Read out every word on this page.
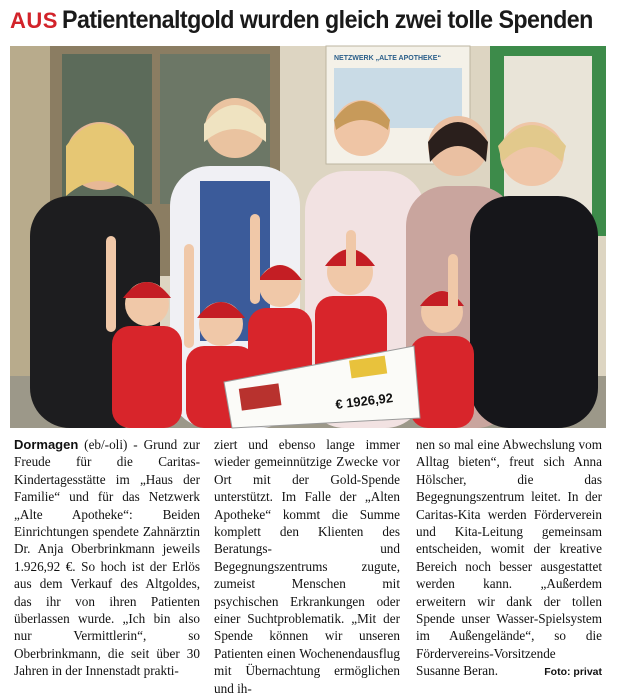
AUS Patientenaltgold wurden gleich zwei tolle Spenden
NETZWERK „ALTE APOTHEKE“
€ 1926,92

Dormagen (eb/-oli) - Grund zur Freude für die Caritas-Kindertagesstätte im „Haus der Familie“ und für das Netzwerk „Alte Apotheke“: Beiden Einrichtungen spendete Zahnärztin Dr. Anja Oberbrinkmann jeweils 1.926,92 €. So hoch ist der Erlös aus dem Verkauf des Altgoldes, das ihr von ihren Patienten überlassen wurde. „Ich bin also nur Vermittlerin“, so Oberbrinkmann, die seit über 30 Jahren in der Innenstadt prakti-

ziert und ebenso lange immer wieder gemeinnützige Zwecke vor Ort mit der Gold-Spende unterstützt. Im Falle der „Alten Apotheke“ kommt die Summe komplett den Klienten des Beratungs- und Begegnungszentrums zugute, zumeist Menschen mit psychischen Erkrankungen oder einer Suchtproblematik. „Mit der Spende können wir unseren Patienten einen Wochenendausflug mit Übernachtung ermöglichen und ih-

nen so mal eine Abwechslung vom Alltag bieten“, freut sich Anna Hölscher, die das Begegnungszentrum leitet. In der Caritas-Kita werden Förderverein und Kita-Leitung gemeinsam entscheiden, womit der kreative Bereich noch besser ausgestattet werden kann. „Außerdem erweitern wir dank der tollen Spende unser Wasser-Spielsystem im Außengelände“, so die Fördervereins-Vorsitzende Susanne Beran.	Foto: privat
